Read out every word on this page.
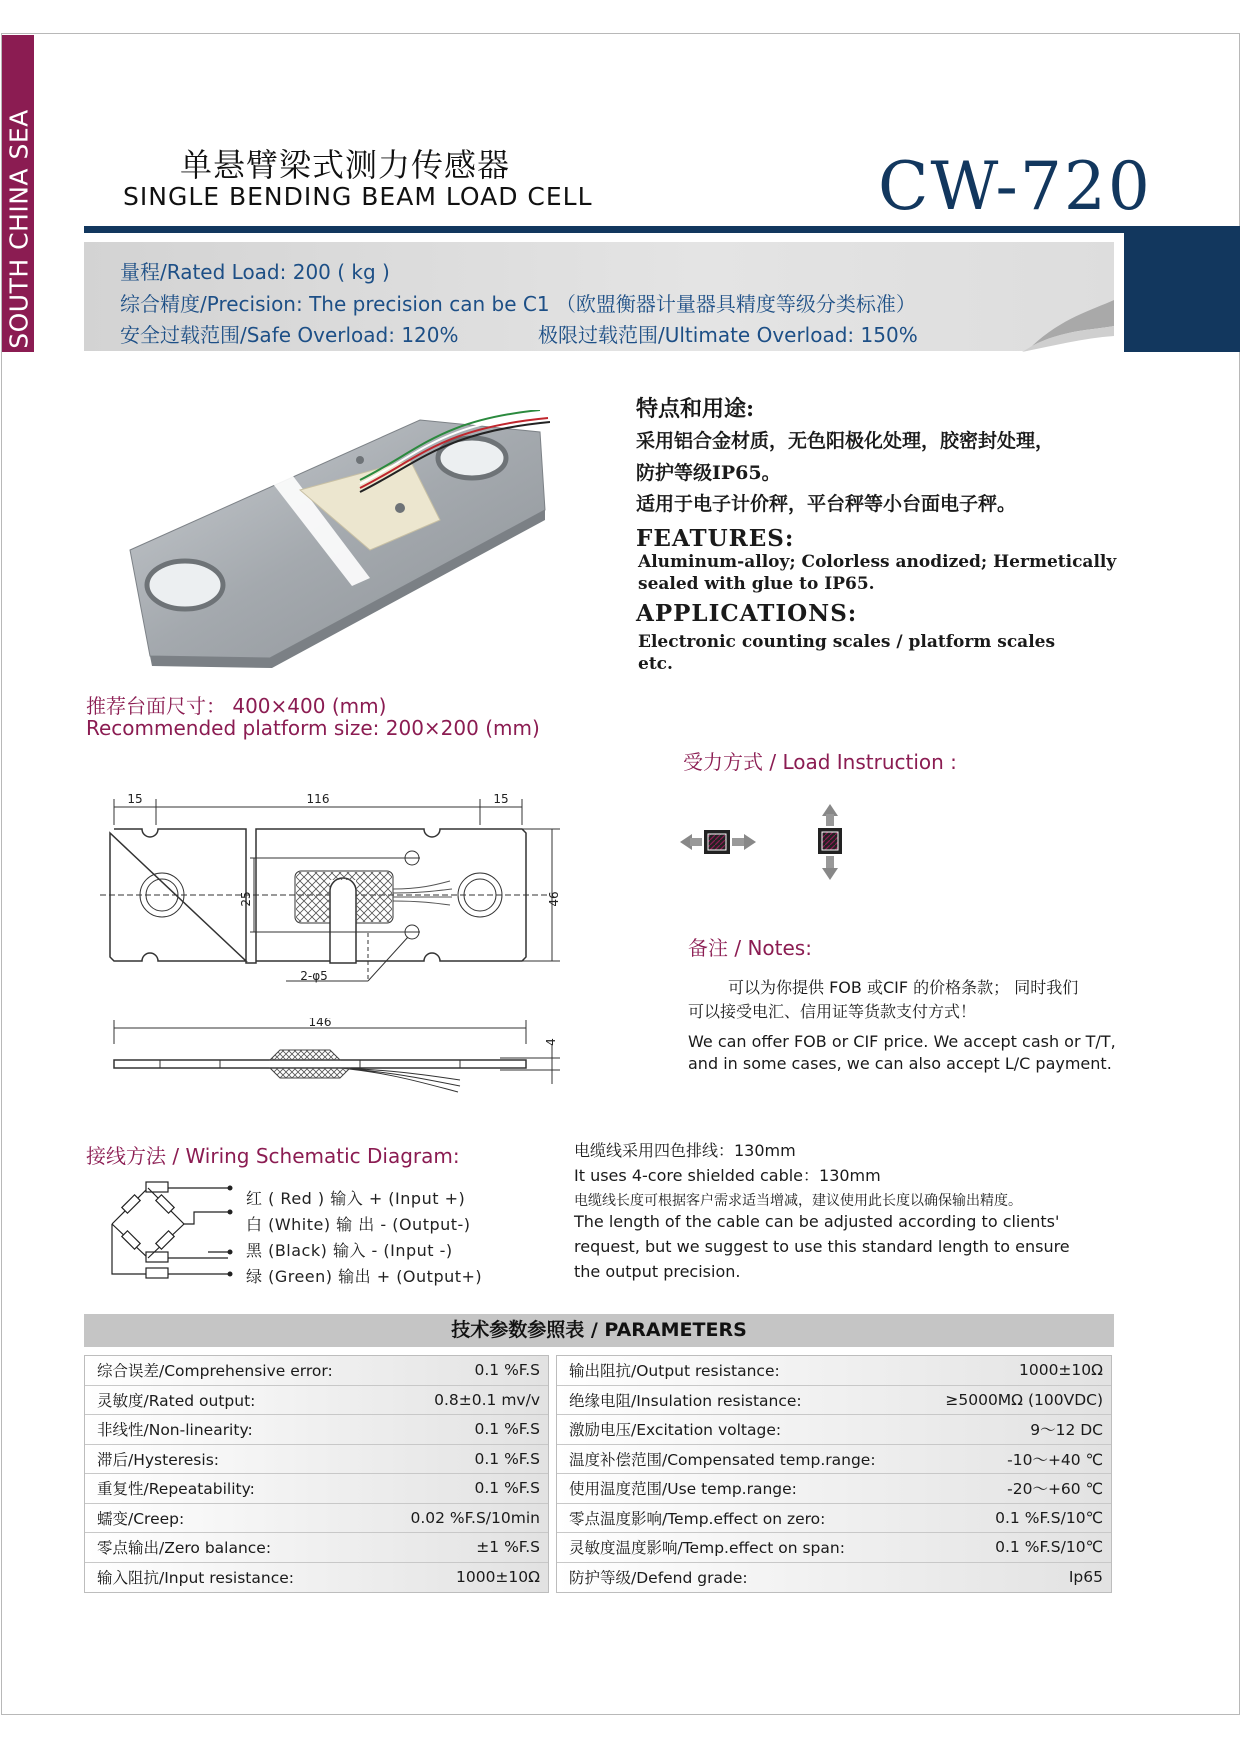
SOUTH CHINA SEA	单悬臂梁式测力传感器
SINGLE BENDING BEAM LOAD CELL	CW-720
量程/Rated Load: 200 ( kg )
综合精度/Precision: The precision can be C1 （欧盟衡器计量器具精度等级分类标准）
安全过载范围/Safe Overload: 120%	极限过载范围/Ultimate Overload: 150%
特点和用途:
采用铝合金材质，无色阳极化处理，胶密封处理，
防护等级IP65。
适用于电子计价秤，平台秤等小台面电子秤。
FEATURES:
Aluminum-alloy; Colorless anodized; Hermetically
sealed with glue to IP65.
APPLICATIONS:
Electronic counting scales / platform scales
etc.
推荐台面尺寸： 400×400 (mm)
Recommended platform size: 200×200 (mm)
15	116	15
46
25
2-φ5
146
4
受力方式 / Load Instruction :
备注 / Notes:
可以为你提供 FOB 或CIF 的价格条款； 同时我们
可以接受电汇、信用证等货款支付方式！
We can offer FOB or CIF price. We accept cash or T/T,
and in some cases, we can also accept L/C payment.
接线方法 / Wiring Schematic Diagram:
红 ( Red ) 输入 + (Input +)
白 (White) 输 出 - (Output-)
黑 (Black) 输入 - (Input -)
绿 (Green) 输出 + (Output+)
电缆线采用四色排线：130mm
It uses 4-core shielded cable：130mm
电缆线长度可根据客户需求适当增减，建议使用此长度以确保输出精度。
The length of the cable can be adjusted according to clients'
request, but we suggest to use this standard length to ensure
the output precision.
技术参数参照表 / PARAMETERS
综合误差/Comprehensive error:	0.1 %F.S
灵敏度/Rated output:	0.8±0.1 mv/v
非线性/Non-linearity:	0.1 %F.S
滞后/Hysteresis:	0.1 %F.S
重复性/Repeatability:	0.1 %F.S
蠕变/Creep:	0.02 %F.S/10min
零点输出/Zero balance:	±1 %F.S
输入阻抗/Input resistance:	1000±10Ω
输出阻抗/Output resistance:	1000±10Ω
绝缘电阻/Insulation resistance:	≥5000MΩ (100VDC)
激励电压/Excitation voltage:	9～12 DC
温度补偿范围/Compensated temp.range:	-10～+40 ℃
使用温度范围/Use temp.range:	-20～+60 ℃
零点温度影响/Temp.effect on zero:	0.1 %F.S/10℃
灵敏度温度影响/Temp.effect on span:	0.1 %F.S/10℃
防护等级/Defend grade:	Ip65
